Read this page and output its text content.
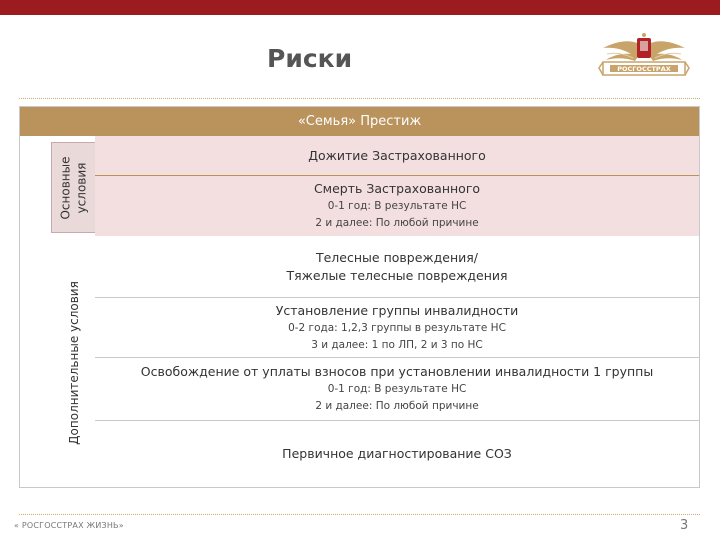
Риски	РОСГОССТРАХ
«Семья» Престиж
Основные условия
Дополнительные условия
Дожитие Застрахованного
Смерть Застрахованного
0-1 год: В результате НС
2 и далее: По любой причине
Телесные повреждения/
Тяжелые телесные повреждения
Установление группы инвалидности
0-2 года: 1,2,3 группы в результате НС
3 и далее: 1 по ЛП, 2 и 3 по НС
Освобождение от уплаты взносов при установлении инвалидности 1 группы
0-1 год: В результате НС
2 и далее: По любой причине
Первичное диагностирование СОЗ
« РОСГОССТРАХ ЖИЗНЬ»	3
